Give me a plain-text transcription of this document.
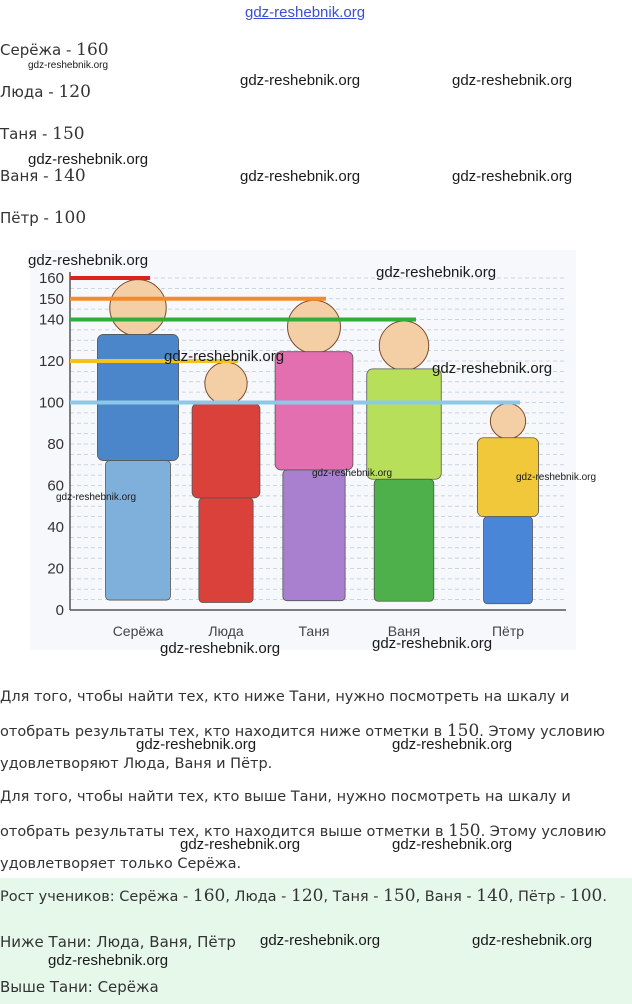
gdz-reshebnik.org
Серёжа - 160
Люда - 120
Таня - 150
Ваня - 140
Пётр - 100
gdz-reshebnik.org
gdz-reshebnik.org	gdz-reshebnik.org
gdz-reshebnik.org
gdz-reshebnik.org	gdz-reshebnik.org
0
20
40
60
80
100
120
140
150
160
Серёжа	Люда	Таня	Ваня	Пётр
gdz-reshebnik.org
gdz-reshebnik.org
gdz-reshebnik.org
gdz-reshebnik.org
gdz-reshebnik.org	gdz-reshebnik.org
gdz-reshebnik.org
gdz-reshebnik.org	gdz-reshebnik.org
Для того, чтобы найти тех, кто ниже Тани, нужно посмотреть на шкалу и
отобрать результаты тех, кто находится ниже отметки в 150. Этому условию
удовлетворяют Люда, Ваня и Пётр.
Для того, чтобы найти тех, кто выше Тани, нужно посмотреть на шкалу и
отобрать результаты тех, кто находится выше отметки в 150. Этому условию
удовлетворяет только Серёжа.
gdz-reshebnik.org	gdz-reshebnik.org
gdz-reshebnik.org	gdz-reshebnik.org
Рост учеников: Серёжа - 160, Люда - 120, Таня - 150, Ваня - 140, Пётр - 100.
Ниже Тани: Люда, Ваня, Пётр
Выше Тани: Серёжа
gdz-reshebnik.org	gdz-reshebnik.org
gdz-reshebnik.org
